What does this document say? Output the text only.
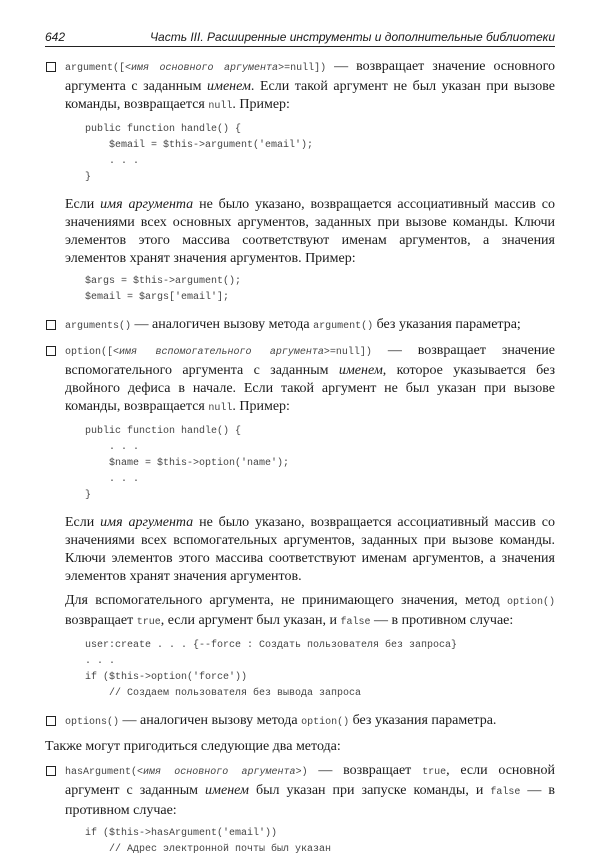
642	Часть III. Расширенные инструменты и дополнительные библиотеки

argument([<имя основного аргумента>=null]) — возвращает значение основного аргумента с заданным именем. Если такой аргумент не был указан при вызове команды, возвращается null. Пример:

public function handle() {
$email = $this->argument('email');
. . .
}

Если имя аргумента не было указано, возвращается ассоциативный массив со значениями всех основных аргументов, заданных при вызове команды. Ключи элементов этого массива соответствуют именам аргументов, а значения элементов хранят значения аргументов. Пример:

$args = $this->argument();
$email = $args['email'];

arguments() — аналогичен вызову метода argument() без указания параметра;

option([<имя вспомогательного аргумента>=null]) — возвращает значение вспомогательного аргумента с заданным именем, которое указывается без двойного дефиса в начале. Если такой аргумент не был указан при вызове команды, возвращается null. Пример:

public function handle() {
. . .
$name = $this->option('name');
. . .
}

Если имя аргумента не было указано, возвращается ассоциативный массив со значениями всех вспомогательных аргументов, заданных при вызове команды. Ключи элементов этого массива соответствуют именам аргументов, а значения элементов хранят значения аргументов.

Для вспомогательного аргумента, не принимающего значения, метод option() возвращает true, если аргумент был указан, и false — в противном случае:

user:create . . . {--force : Создать пользователя без запроса}
. . .
if ($this->option('force'))
// Создаем пользователя без вывода запроса

options() — аналогичен вызову метода option() без указания параметра.

Также могут пригодиться следующие два метода:

hasArgument(<имя основного аргумента>) — возвращает true, если основной аргумент с заданным именем был указан при запуске команды, и false — в противном случае:

if ($this->hasArgument('email'))
// Адрес электронной почты был указан
